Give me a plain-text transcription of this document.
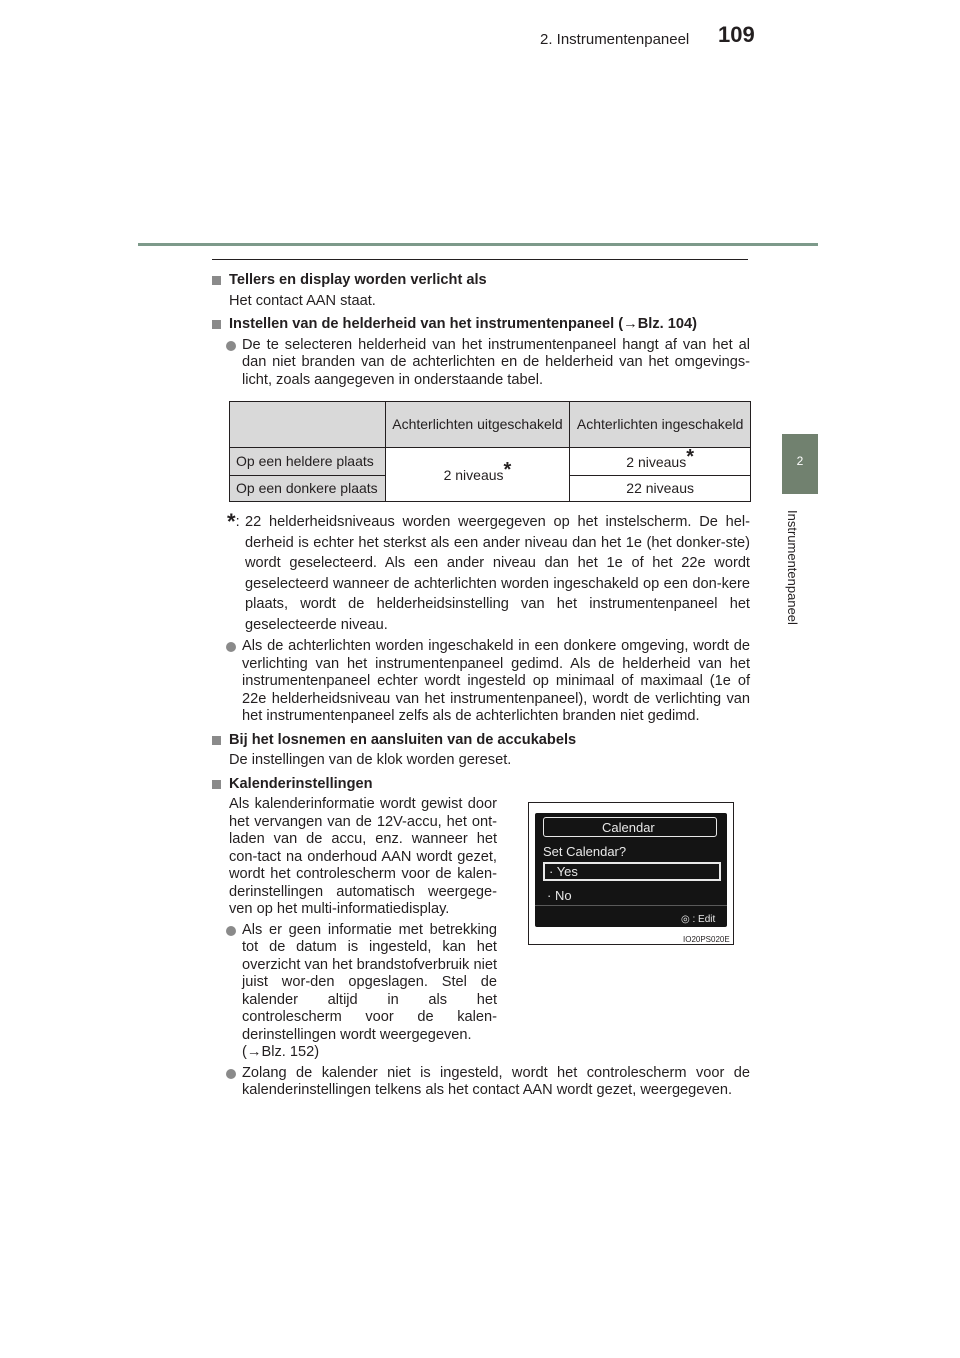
2. Instrumentenpaneel 109
2
Instrumentenpaneel
Tellers en display worden verlicht als
Het contact AAN staat.
Instellen van de helderheid van het instrumentenpaneel (→Blz. 104)
De te selecteren helderheid van het instrumentenpaneel hangt af van het al dan niet branden van de achterlichten en de helderheid van het omgevings-licht, zoals aangegeven in onderstaande tabel.
	Achterlichten uitgeschakeld	Achterlichten ingeschakeld
Op een heldere plaats	2 niveaus*	2 niveaus*
Op een donkere plaats		22 niveaus
*: 22 helderheidsniveaus worden weergegeven op het instelscherm. De hel-derheid is echter het sterkst als een ander niveau dan het 1e (het donker-ste) wordt geselecteerd. Als een ander niveau dan het 1e of het 22e wordt geselecteerd wanneer de achterlichten worden ingeschakeld op een don-kere plaats, wordt de helderheidsinstelling van het instrumentenpaneel het geselecteerde niveau.
Als de achterlichten worden ingeschakeld in een donkere omgeving, wordt de verlichting van het instrumentenpaneel gedimd. Als de helderheid van het instrumentenpaneel echter wordt ingesteld op minimaal of maximaal (1e of 22e helderheidsniveau van het instrumentenpaneel), wordt de verlichting van het instrumentenpaneel zelfs als de achterlichten branden niet gedimd.
Bij het losnemen en aansluiten van de accukabels
De instellingen van de klok worden gereset.
Kalenderinstellingen
Als kalenderinformatie wordt gewist door het vervangen van de 12V-accu, het ont-laden van de accu, enz. wanneer het con-tact na onderhoud AAN wordt gezet, wordt het controlescherm voor de kalen-derinstellingen automatisch weergege-ven op het multi-informatiedisplay.
Als er geen informatie met betrekking tot de datum is ingesteld, kan het overzicht van het brandstofverbruik niet juist wor-den opgeslagen. Stel de kalender altijd in als het controlescherm voor de kalen-derinstellingen wordt weergegeven.
(→Blz. 152)
Calendar
Set Calendar?
· Yes
· No
◎ : Edit
IO20PS020E
Zolang de kalender niet is ingesteld, wordt het controlescherm voor de kalenderinstellingen telkens als het contact AAN wordt gezet, weergegeven.
